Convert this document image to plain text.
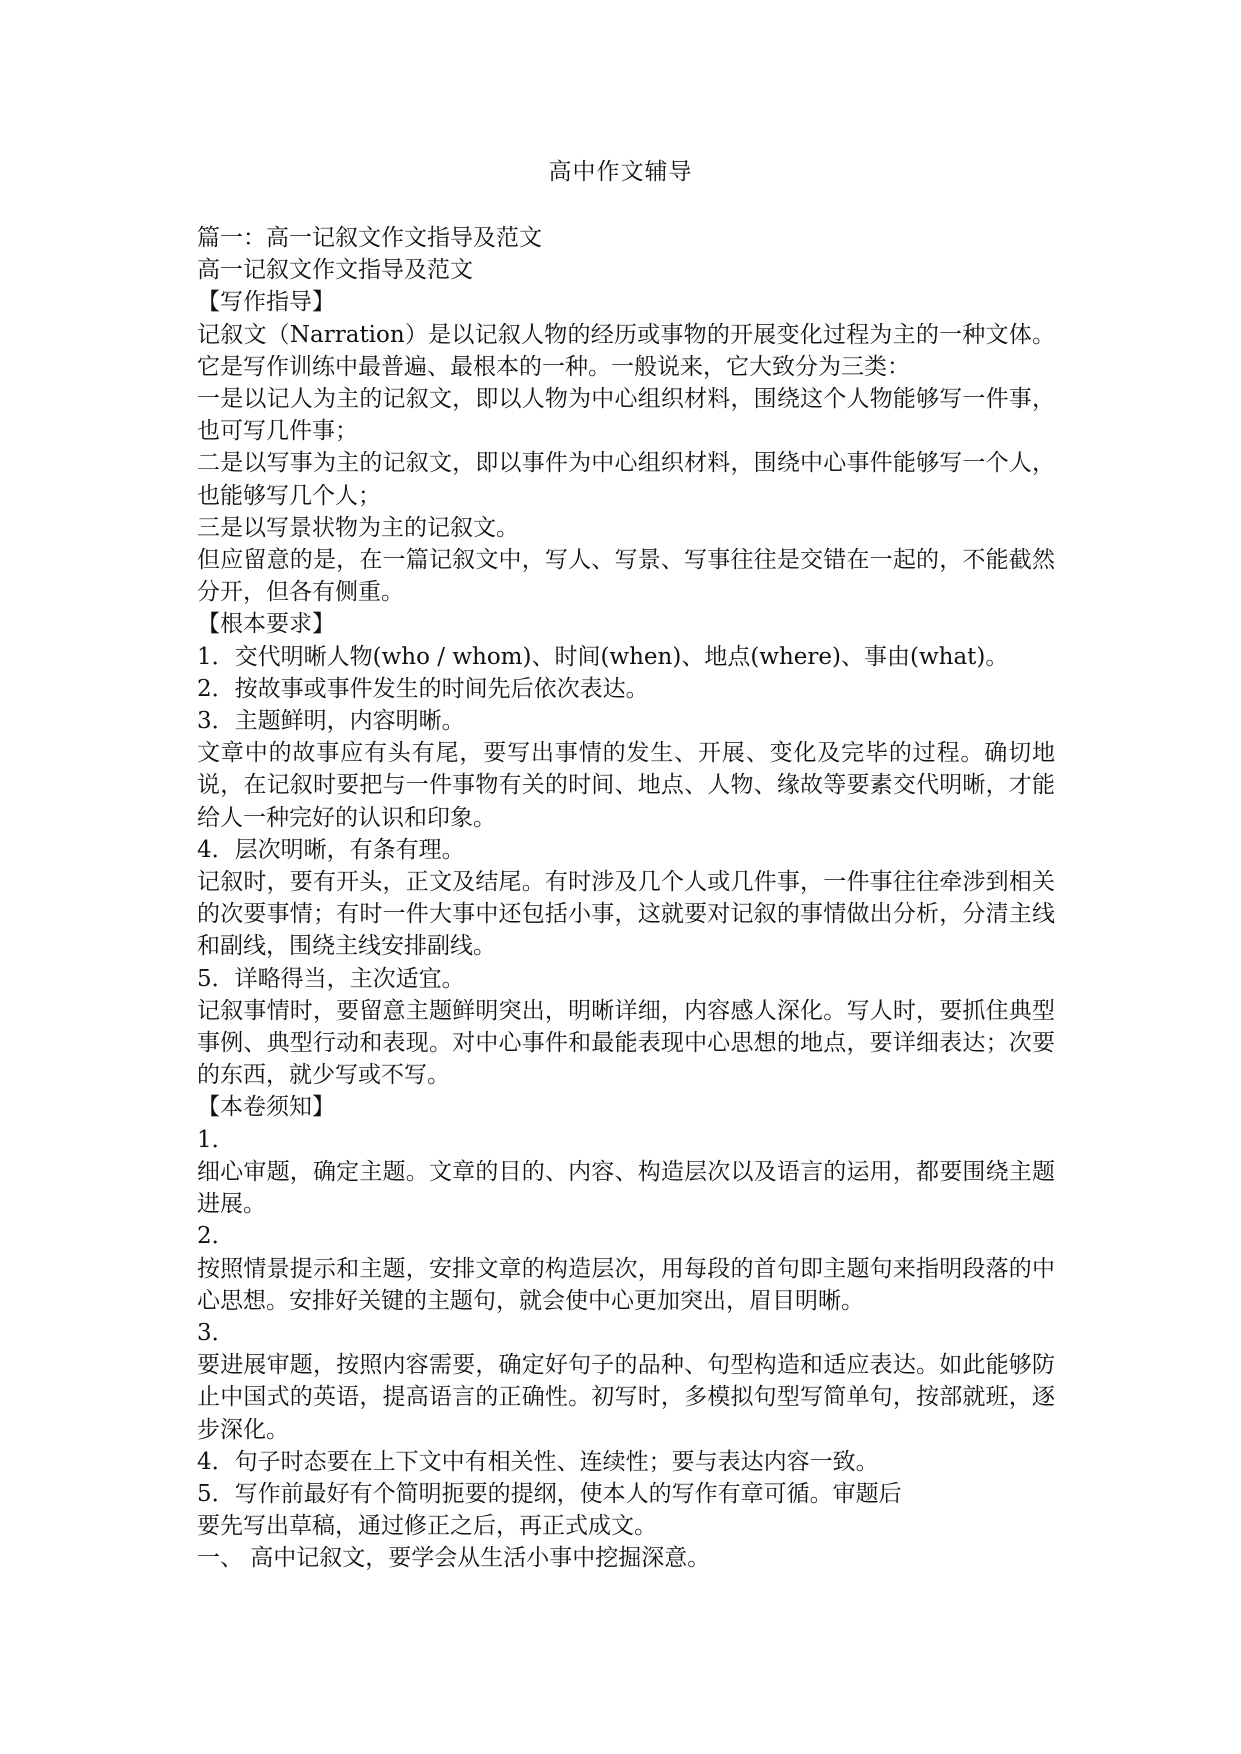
高中作文辅导

篇一：高一记叙文作文指导及范文

高一记叙文作文指导及范文

【写作指导】

记叙文（Narration）是以记叙人物的经历或事物的开展变化过程为主的一种文体。它是写作训练中最普遍、最根本的一种。一般说来，它大致分为三类：

一是以记人为主的记叙文，即以人物为中心组织材料，围绕这个人物能够写一件事，也可写几件事；

二是以写事为主的记叙文，即以事件为中心组织材料，围绕中心事件能够写一个人，也能够写几个人；

三是以写景状物为主的记叙文。

但应留意的是，在一篇记叙文中，写人、写景、写事往往是交错在一起的，不能截然分开，但各有侧重。

【根本要求】

1．交代明晰人物(who / whom)、时间(when)、地点(where)、事由(what)。

2．按故事或事件发生的时间先后依次表达。

3．主题鲜明，内容明晰。

文章中的故事应有头有尾，要写出事情的发生、开展、变化及完毕的过程。确切地说，在记叙时要把与一件事物有关的时间、地点、人物、缘故等要素交代明晰，才能给人一种完好的认识和印象。

4．层次明晰，有条有理。

记叙时，要有开头，正文及结尾。有时涉及几个人或几件事，一件事往往牵涉到相关的次要事情；有时一件大事中还包括小事，这就要对记叙的事情做出分析，分清主线和副线，围绕主线安排副线。

5．详略得当，主次适宜。

记叙事情时，要留意主题鲜明突出，明晰详细，内容感人深化。写人时，要抓住典型事例、典型行动和表现。对中心事件和最能表现中心思想的地点，要详细表达；次要的东西，就少写或不写。

【本卷须知】

1．

细心审题，确定主题。文章的目的、内容、构造层次以及语言的运用，都要围绕主题进展。

2．

按照情景提示和主题，安排文章的构造层次，用每段的首句即主题句来指明段落的中心思想。安排好关键的主题句，就会使中心更加突出，眉目明晰。

3．

要进展审题，按照内容需要，确定好句子的品种、句型构造和适应表达。如此能够防止中国式的英语，提高语言的正确性。初写时，多模拟句型写简单句，按部就班，逐步深化。

4．句子时态要在上下文中有相关性、连续性；要与表达内容一致。

5．写作前最好有个简明扼要的提纲，使本人的写作有章可循。审题后

要先写出草稿，通过修正之后，再正式成文。

一、 高中记叙文，要学会从生活小事中挖掘深意。
